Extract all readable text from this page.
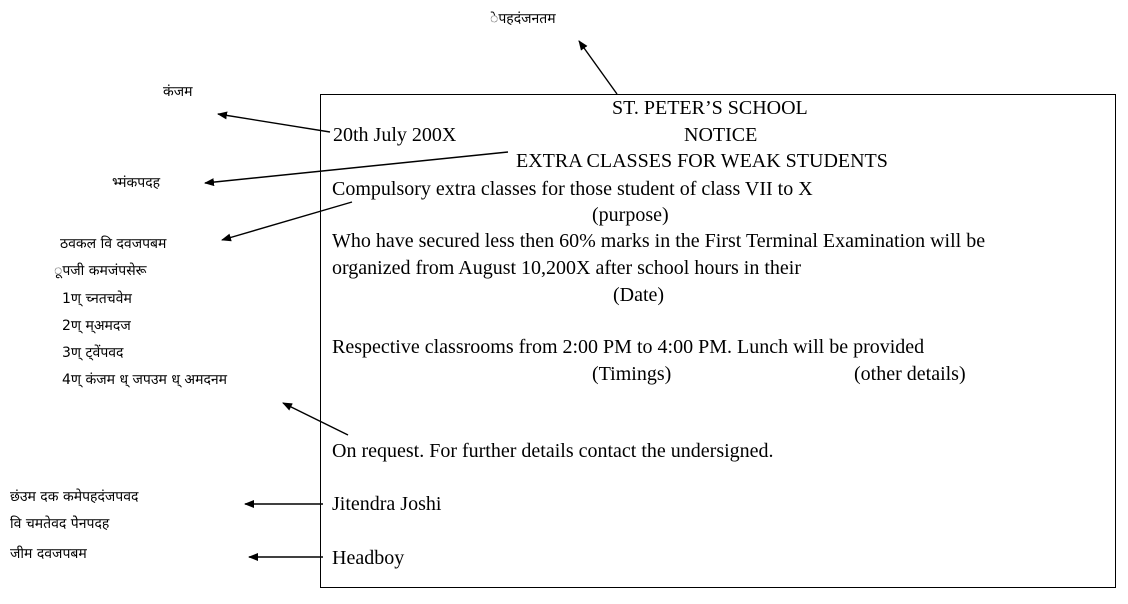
ेपहदंजनतम
कंजम
भ्मंकपदह
ठवकल वि दवजपबम
ूपजी कमजंपसेरू
1ण् च्नतचवेम
2ण् म्अमदज
3ण् ट्वेंपवद
4ण् कंजम ध् जपउम ध् अमदनम
छंउम दक कमेपहदंजपवद
वि चमतेवद पेेनपदह
जीम दवजपबम
ST. PETER’S SCHOOL
20th July 200X	NOTICE
EXTRA CLASSES FOR WEAK STUDENTS
Compulsory extra classes for those student of class VII to X
(purpose)
Who have secured less then 60% marks in the First Terminal Examination will be
organized from August 10,200X after school hours in their
(Date)
Respective classrooms from 2:00 PM to 4:00 PM. Lunch will be provided
(Timings)	(other details)
On request. For further details contact the undersigned.
Jitendra Joshi
Headboy
